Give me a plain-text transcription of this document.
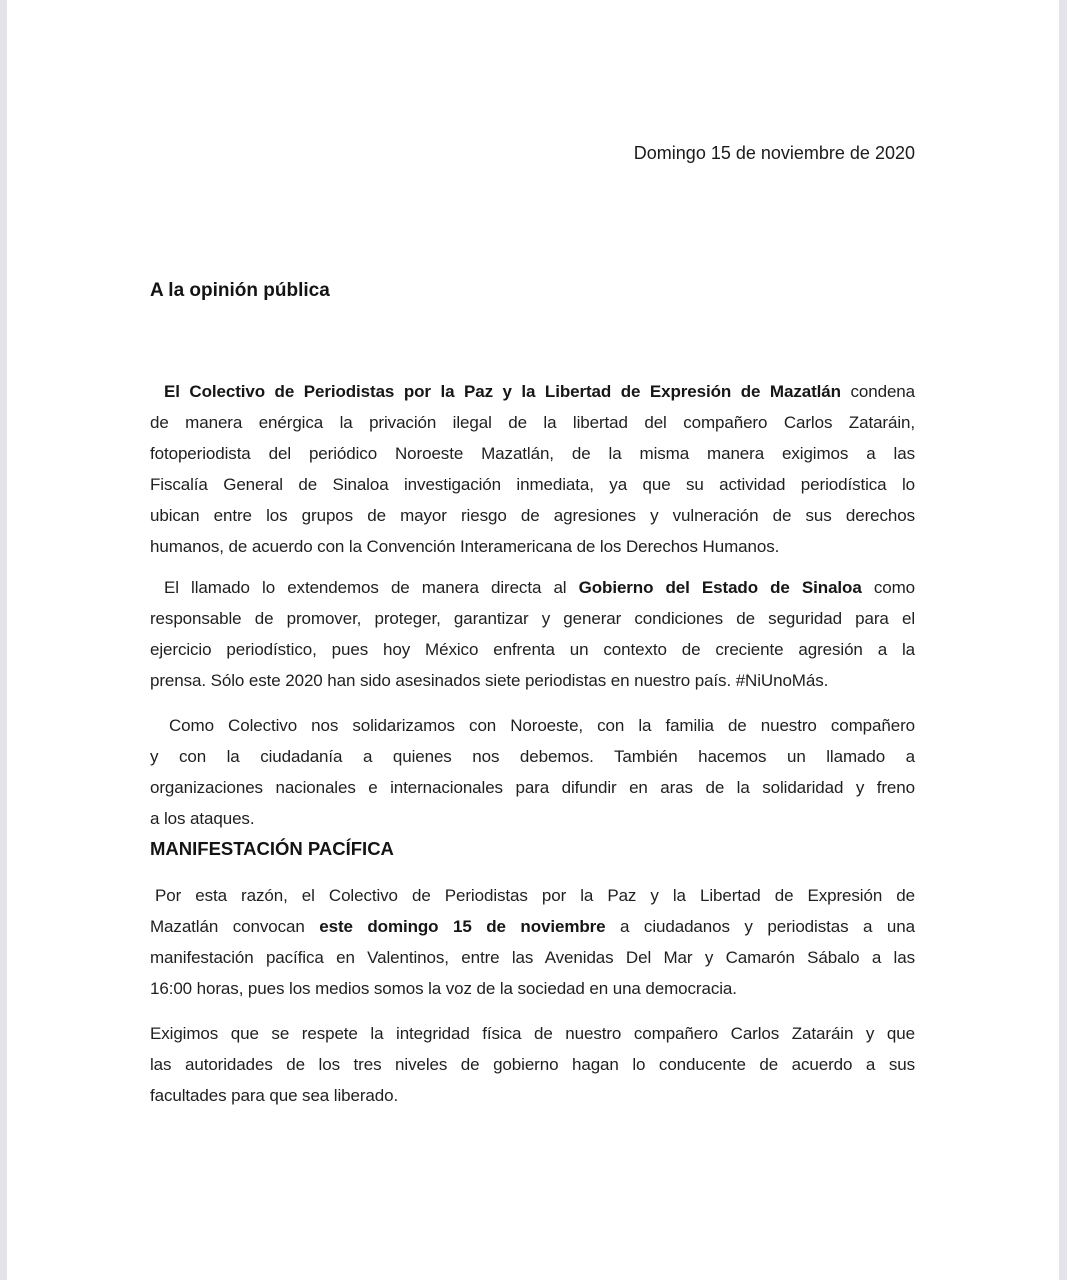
Domingo 15 de noviembre de 2020

A la opinión pública
El Colectivo de Periodistas por la Paz y la Libertad de Expresión de Mazatlán condena
de manera enérgica la privación ilegal de la libertad del compañero Carlos Zataráin,
fotoperiodista del periódico Noroeste Mazatlán, de la misma manera exigimos a las
Fiscalía General de Sinaloa investigación inmediata, ya que su actividad periodística lo
ubican entre los grupos de mayor riesgo de agresiones y vulneración de sus derechos
humanos, de acuerdo con la Convención Interamericana de los Derechos Humanos.
El llamado lo extendemos de manera directa al Gobierno del Estado de Sinaloa como
responsable de promover, proteger, garantizar y generar condiciones de seguridad para el
ejercicio periodístico, pues hoy México enfrenta un contexto de creciente agresión a la
prensa. Sólo este 2020 han sido asesinados siete periodistas en nuestro país. #NiUnoMás.
Como Colectivo nos solidarizamos con Noroeste, con la familia de nuestro compañero
y con la ciudadanía a quienes nos debemos. También hacemos un llamado a
organizaciones nacionales e internacionales para difundir en aras de la solidaridad y freno
a los ataques.
MANIFESTACIÓN PACÍFICA
Por esta razón, el Colectivo de Periodistas por la Paz y la Libertad de Expresión de
Mazatlán convocan este domingo 15 de noviembre a ciudadanos y periodistas a una
manifestación pacífica en Valentinos, entre las Avenidas Del Mar y Camarón Sábalo a las
16:00 horas, pues los medios somos la voz de la sociedad en una democracia.
Exigimos que se respete la integridad física de nuestro compañero Carlos Zataráin y que
las autoridades de los tres niveles de gobierno hagan lo conducente de acuerdo a sus
facultades para que sea liberado.
